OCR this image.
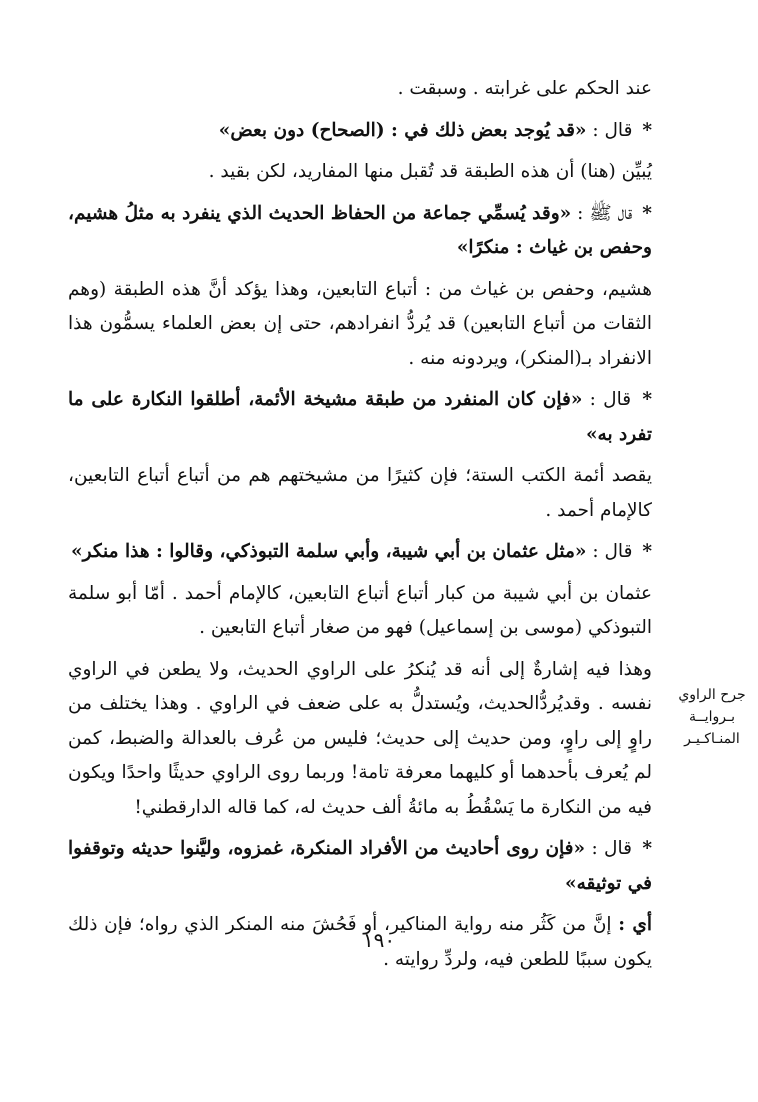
عند الحكم على غرابته . وسبقت .

* قال : «قد يُوجد بعض ذلك في : (الصحاح) دون بعض»

يُبيِّن (هنا) أن هذه الطبقة قد تُقبل منها المفاريد، لكن بقيد .

* قال ﷺ : «وقد يُسمِّي جماعة من الحفاظ الحديث الذي ينفرد به مثلُ هشيم، وحفص بن غياث : منكرًا»

هشيم، وحفص بن غياث من : أتباع التابعين، وهذا يؤكد أنَّ هذه الطبقة (وهم الثقات من أتباع التابعين) قد يُردُّ انفرادهم، حتى إن بعض العلماء يسمُّون هذا الانفراد بـ(المنكر)، ويردونه منه .

* قال : «فإن كان المنفرد من طبقة مشيخة الأئمة، أطلقوا النكارة على ما تفرد به»

يقصد أئمة الكتب الستة؛ فإن كثيرًا من مشيختهم هم من أتباع أتباع التابعين، كالإمام أحمد .

* قال : «مثل عثمان بن أبي شيبة، وأبي سلمة التبوذكي، وقالوا : هذا منكر»

عثمان بن أبي شيبة من كبار أتباع أتباع التابعين، كالإمام أحمد . أمّا أبو سلمة التبوذكي (موسى بن إسماعيل) فهو من صغار أتباع التابعين .

وهذا فيه إشارةٌ إلى أنه قد يُنكرُ على الراوي الحديث، ولا يطعن في الراوي نفسه . وقديُردُّالحديث، ويُستدلُّ به على ضعف في الراوي . وهذا يختلف من راوٍ إلى راوٍ، ومن حديث إلى حديث؛ فليس من عُرف بالعدالة والضبط، كمن لم يُعرف بأحدهما أو كليهما معرفة تامة! وربما روى الراوي حديثًا واحدًا ويكون فيه من النكارة ما يَسْقُطُ به مائةُ ألف حديث له، كما قاله الدارقطني!

* قال : «فإن روى أحاديث من الأفراد المنكرة، غمزوه، وليَّنوا حديثه وتوقفوا في توثيقه»

أي : إنَّ من كَثُر منه رواية المناكير، أو فَحُشَ منه المنكر الذي رواه؛ فإن ذلك يكون سببًا للطعن فيه، ولردِّ روايته .

جرح الراوي
بـروايــة
المنـاكـيـر
١٩٠
